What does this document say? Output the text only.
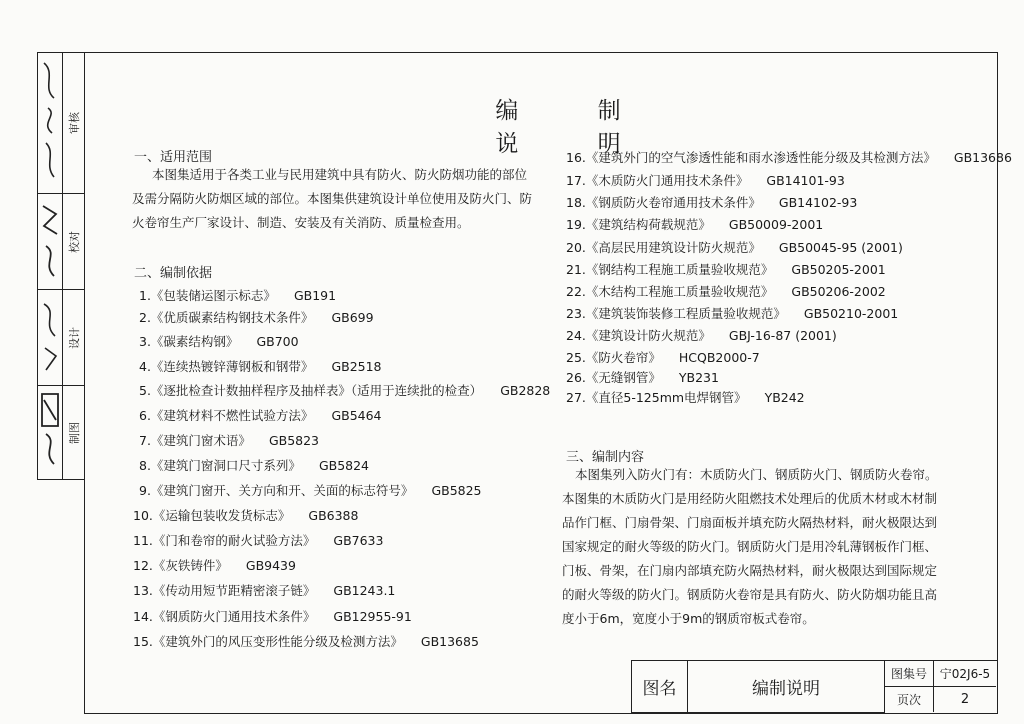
审核
校对
设计
制图
编 制 说 明
一、适用范围
本图集适用于各类工业与民用建筑中具有防火、防火防烟功能的部位
及需分隔防火防烟区域的部位。本图集供建筑设计单位使用及防火门、防
火卷帘生产厂家设计、制造、安装及有关消防、质量检查用。
二、编制依据
1.《包装储运图示标志》 GB191
2.《优质碳素结构钢技术条件》 GB699
3.《碳素结构钢》 GB700
4.《连续热镀锌薄钢板和钢带》 GB2518
5.《逐批检查计数抽样程序及抽样表》（适用于连续批的检查） GB2828
6.《建筑材料不燃性试验方法》 GB5464
7.《建筑门窗术语》 GB5823
8.《建筑门窗洞口尺寸系列》 GB5824
9.《建筑门窗开、关方向和开、关面的标志符号》 GB5825
10.《运输包装收发货标志》 GB6388
11.《门和卷帘的耐火试验方法》 GB7633
12.《灰铁铸件》 GB9439
13.《传动用短节距精密滚子链》 GB1243.1
14.《钢质防火门通用技术条件》 GB12955-91
15.《建筑外门的风压变形性能分级及检测方法》 GB13685
16.《建筑外门的空气渗透性能和雨水渗透性能分级及其检测方法》 GB13686
17.《木质防火门通用技术条件》 GB14101-93
18.《钢质防火卷帘通用技术条件》 GB14102-93
19.《建筑结构荷载规范》 GB50009-2001
20.《高层民用建筑设计防火规范》 GB50045-95 (2001)
21.《钢结构工程施工质量验收规范》 GB50205-2001
22.《木结构工程施工质量验收规范》 GB50206-2002
23.《建筑装饰装修工程质量验收规范》 GB50210-2001
24.《建筑设计防火规范》 GBJ-16-87 (2001)
25.《防火卷帘》 HCQB2000-7
26.《无缝钢管》 YB231
27.《直径5-125mm电焊钢管》 YB242
三、编制内容
本图集列入防火门有：木质防火门、钢质防火门、钢质防火卷帘。
本图集的木质防火门是用经防火阻燃技术处理后的优质木材或木材制
品作门框、门扇骨架、门扇面板并填充防火隔热材料，耐火极限达到
国家规定的耐火等级的防火门。钢质防火门是用冷轧薄钢板作门框、
门板、骨架，在门扇内部填充防火隔热材料，耐火极限达到国际规定
的耐火等级的防火门。钢质防火卷帘是具有防火、防火防烟功能且高
度小于6m，宽度小于9m的钢质帘板式卷帘。
图名	编制说明
图集号	宁02J6-5
页次	2
